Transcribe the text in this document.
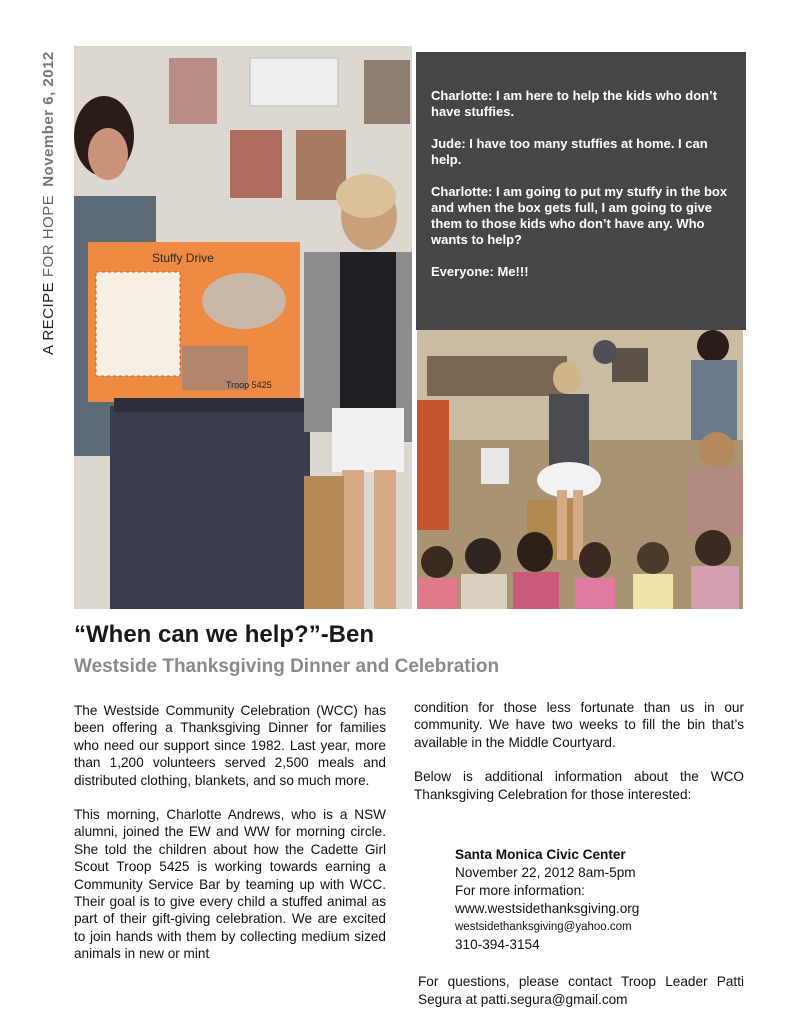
A RECIPE FOR HOPENovember 6, 2012
Stuffy Drive
Troop 5425

Charlotte: I am here to help the kids who don’t have stuffies.

Jude: I have too many stuffies at home. I can help.

Charlotte: I am going to put my stuffy in the box and when the box gets full, I am going to give them to those kids who don’t have any. Who wants to help?

Everyone: Me!!!

“When can we help?”-Ben
Westside Thanksgiving Dinner and Celebration

The Westside Community Celebration (WCC) has been offering a Thanksgiving Dinner for families who need our support since 1982. Last year, more than 1,200 volunteers served 2,500 meals and distributed clothing, blankets, and so much more.

This morning, Charlotte Andrews, who is a NSW alumni, joined the EW and WW for morning circle. She told the children about how the Cadette Girl Scout Troop 5425 is working towards earning a Community Service Bar by teaming up with WCC. Their goal is to give every child a stuffed animal as part of their gift-giving celebration. We are excited to join hands with them by collecting medium sized animals in new or mint

condition for those less fortunate than us in our community. We have two weeks to fill the bin that’s available in the Middle Courtyard.

Below is additional information about the WCO Thanksgiving Celebration for those interested:

Santa Monica Civic Center
November 22, 2012 8am-5pm
For more information:
www.westsidethanksgiving.org
westsidethanksgiving@yahoo.com
310-394-3154
For questions, please contact Troop Leader Patti Segura at patti.segura@gmail.com
